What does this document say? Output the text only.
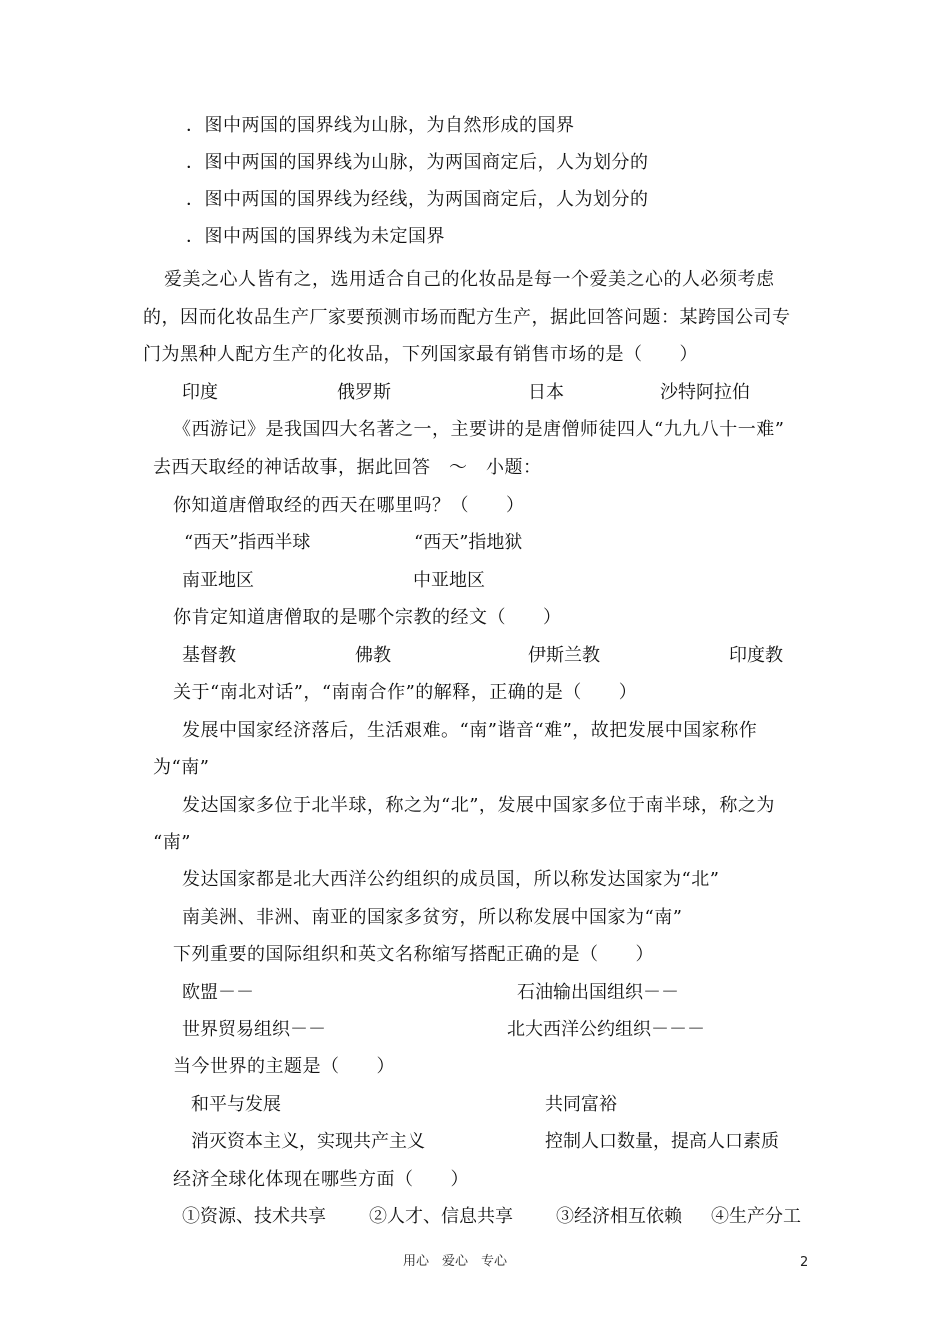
．图中两国的国界线为山脉，为自然形成的国界
．图中两国的国界线为山脉，为两国商定后，人为划分的
．图中两国的国界线为经线，为两国商定后，人为划分的
．图中两国的国界线为未定国界
爱美之心人皆有之，选用适合自己的化妆品是每一个爱美之心的人必须考虑
的，因而化妆品生产厂家要预测市场而配方生产，据此回答问题：某跨国公司专
门为黑种人配方生产的化妆品，下列国家最有销售市场的是（　　）
印度	俄罗斯	日本	沙特阿拉伯
《西游记》是我国四大名著之一，主要讲的是唐僧师徒四人“九九八十一难”
去西天取经的神话故事，据此回答　～　小题：
你知道唐僧取经的西天在哪里吗？（　　）
“西天”指西半球	“西天”指地狱
南亚地区	中亚地区
你肯定知道唐僧取的是哪个宗教的经文（　　）
基督教	佛教	伊斯兰教	印度教
关于“南北对话”，“南南合作”的解释，正确的是（　　）
发展中国家经济落后，生活艰难。“南”谐音“难”，故把发展中国家称作
为“南”
发达国家多位于北半球，称之为“北”，发展中国家多位于南半球，称之为
“南”
发达国家都是北大西洋公约组织的成员国，所以称发达国家为“北”
南美洲、非洲、南亚的国家多贫穷，所以称发展中国家为“南”
下列重要的国际组织和英文名称缩写搭配正确的是（　　）
欧盟－－	石油输出国组织－－
世界贸易组织－－	北大西洋公约组织－－－
当今世界的主题是（　　）
和平与发展	共同富裕
消灭资本主义，实现共产主义	控制人口数量，提高人口素质
经济全球化体现在哪些方面（　　）
①资源、技术共享 ②人才、信息共享 ③经济相互依赖 ④生产分工
用心　爱心　专心	2
